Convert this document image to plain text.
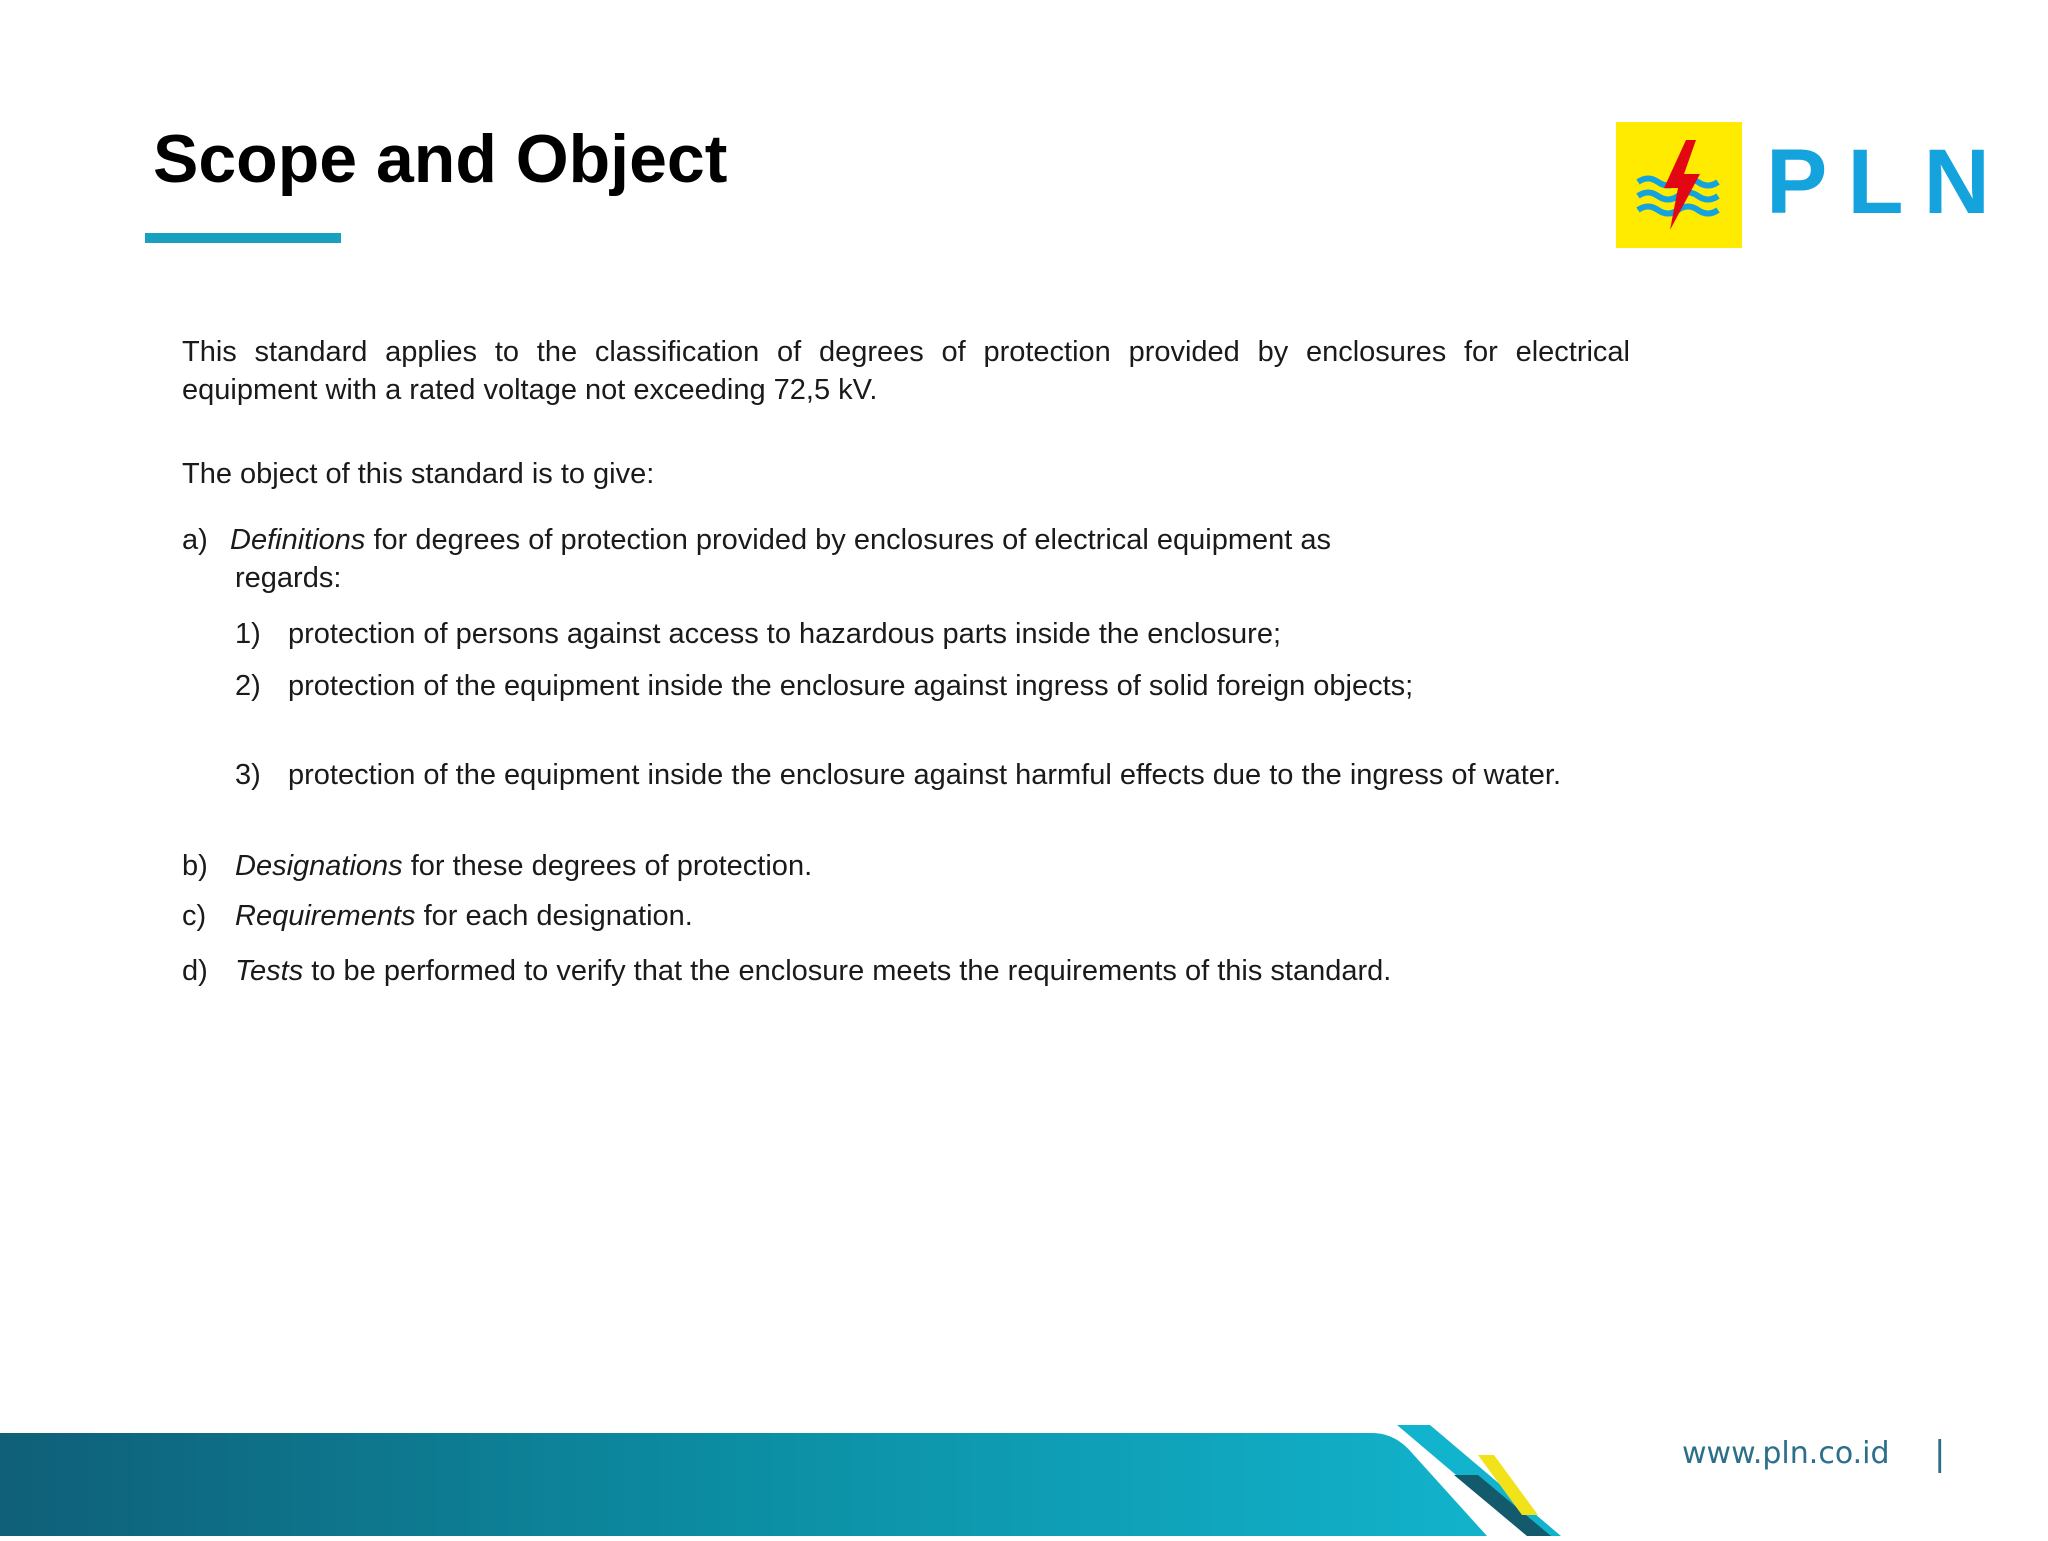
Scope and Object	PLN
This standard applies to the classification of degrees of protection provided by enclosures for electrical equipment with a rated voltage not exceeding 72,5 kV.
The object of this standard is to give:
a) Definitions for degrees of protection provided by enclosures of electrical equipment as
regards:
1) protection of persons against access to hazardous parts inside the enclosure;
2) protection of the equipment inside the enclosure against ingress of solid foreign objects;
3) protection of the equipment inside the enclosure against harmful effects due to the ingress of water.
b) Designations for these degrees of protection.
c) Requirements for each designation.
d) Tests to be performed to verify that the enclosure meets the requirements of this standard.
www.pln.co.id |
